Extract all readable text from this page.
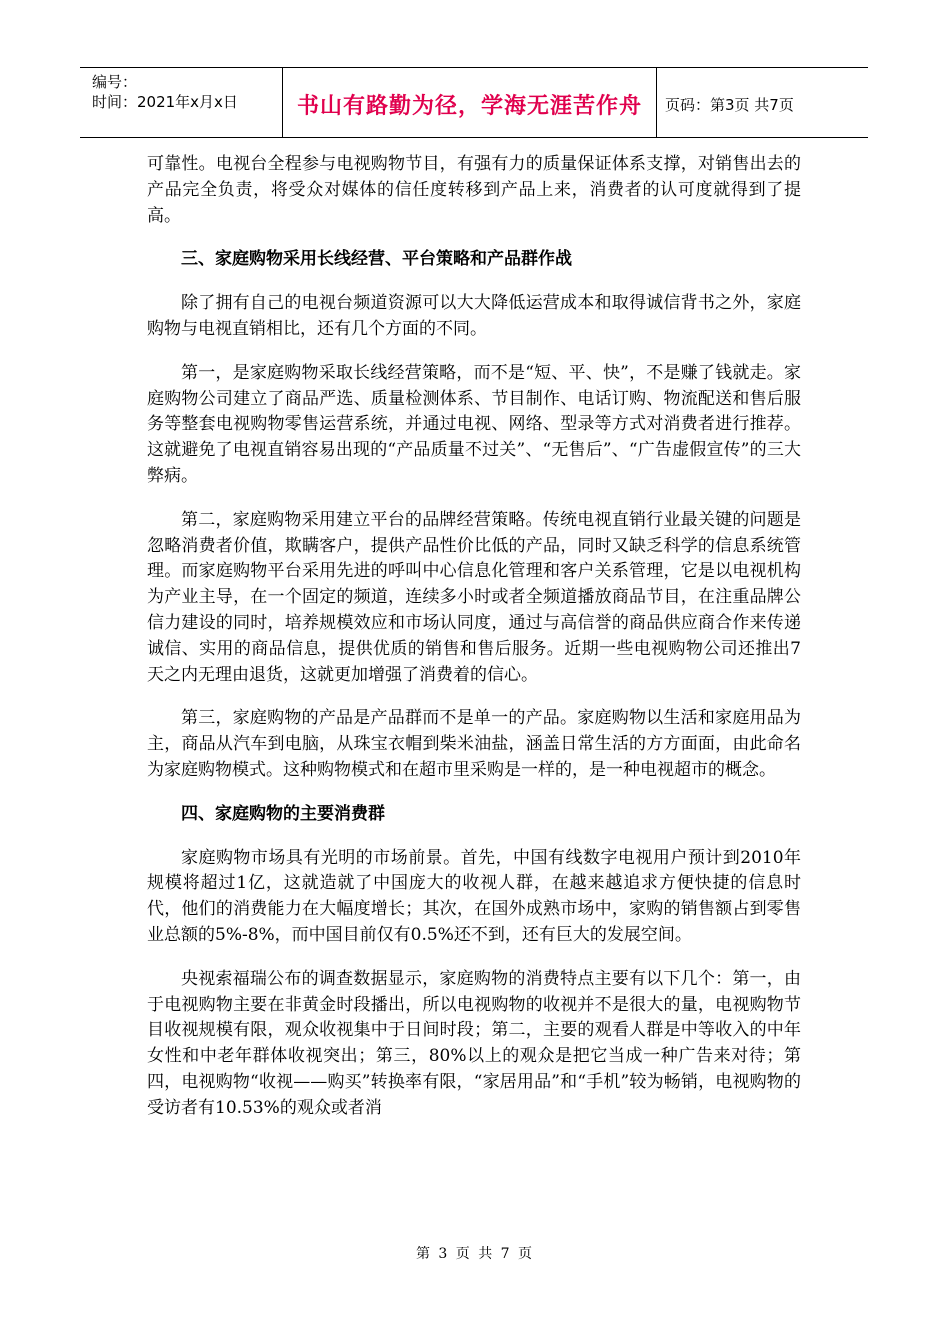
编号：
时间：2021年x月x日	书山有路勤为径，学海无涯苦作舟 页码：第3页 共7页

可靠性。电视台全程参与电视购物节目，有强有力的质量保证体系支撑，对销售出去的产品完全负责，将受众对媒体的信任度转移到产品上来，消费者的认可度就得到了提高。

三、家庭购物采用长线经营、平台策略和产品群作战

除了拥有自己的电视台频道资源可以大大降低运营成本和取得诚信背书之外，家庭购物与电视直销相比，还有几个方面的不同。

第一，是家庭购物采取长线经营策略，而不是“短、平、快”，不是赚了钱就走。家庭购物公司建立了商品严选、质量检测体系、节目制作、电话订购、物流配送和售后服务等整套电视购物零售运营系统，并通过电视、网络、型录等方式对消费者进行推荐。这就避免了电视直销容易出现的“产品质量不过关”、“无售后”、“广告虚假宣传”的三大弊病。

第二，家庭购物采用建立平台的品牌经营策略。传统电视直销行业最关键的问题是忽略消费者价值，欺瞒客户，提供产品性价比低的产品，同时又缺乏科学的信息系统管理。而家庭购物平台采用先进的呼叫中心信息化管理和客户关系管理，它是以电视机构为产业主导，在一个固定的频道，连续多小时或者全频道播放商品节目，在注重品牌公信力建设的同时，培养规模效应和市场认同度，通过与高信誉的商品供应商合作来传递诚信、实用的商品信息，提供优质的销售和售后服务。近期一些电视购物公司还推出7天之内无理由退货，这就更加增强了消费着的信心。

第三，家庭购物的产品是产品群而不是单一的产品。家庭购物以生活和家庭用品为主，商品从汽车到电脑，从珠宝衣帽到柴米油盐，涵盖日常生活的方方面面，由此命名为家庭购物模式。这种购物模式和在超市里采购是一样的，是一种电视超市的概念。

四、家庭购物的主要消费群

家庭购物市场具有光明的市场前景。首先，中国有线数字电视用户预计到2010年规模将超过1亿，这就造就了中国庞大的收视人群，在越来越追求方便快捷的信息时代，他们的消费能力在大幅度增长；其次，在国外成熟市场中，家购的销售额占到零售业总额的5%-8%，而中国目前仅有0.5%还不到，还有巨大的发展空间。

央视索福瑞公布的调查数据显示，家庭购物的消费特点主要有以下几个：第一，由于电视购物主要在非黄金时段播出，所以电视购物的收视并不是很大的量，电视购物节目收视规模有限，观众收视集中于日间时段；第二，主要的观看人群是中等收入的中年女性和中老年群体收视突出；第三，80%以上的观众是把它当成一种广告来对待；第四，电视购物“收视——购买”转换率有限，“家居用品”和“手机”较为畅销，电视购物的受访者有10.53%的观众或者消

第 3 页 共 7 页
